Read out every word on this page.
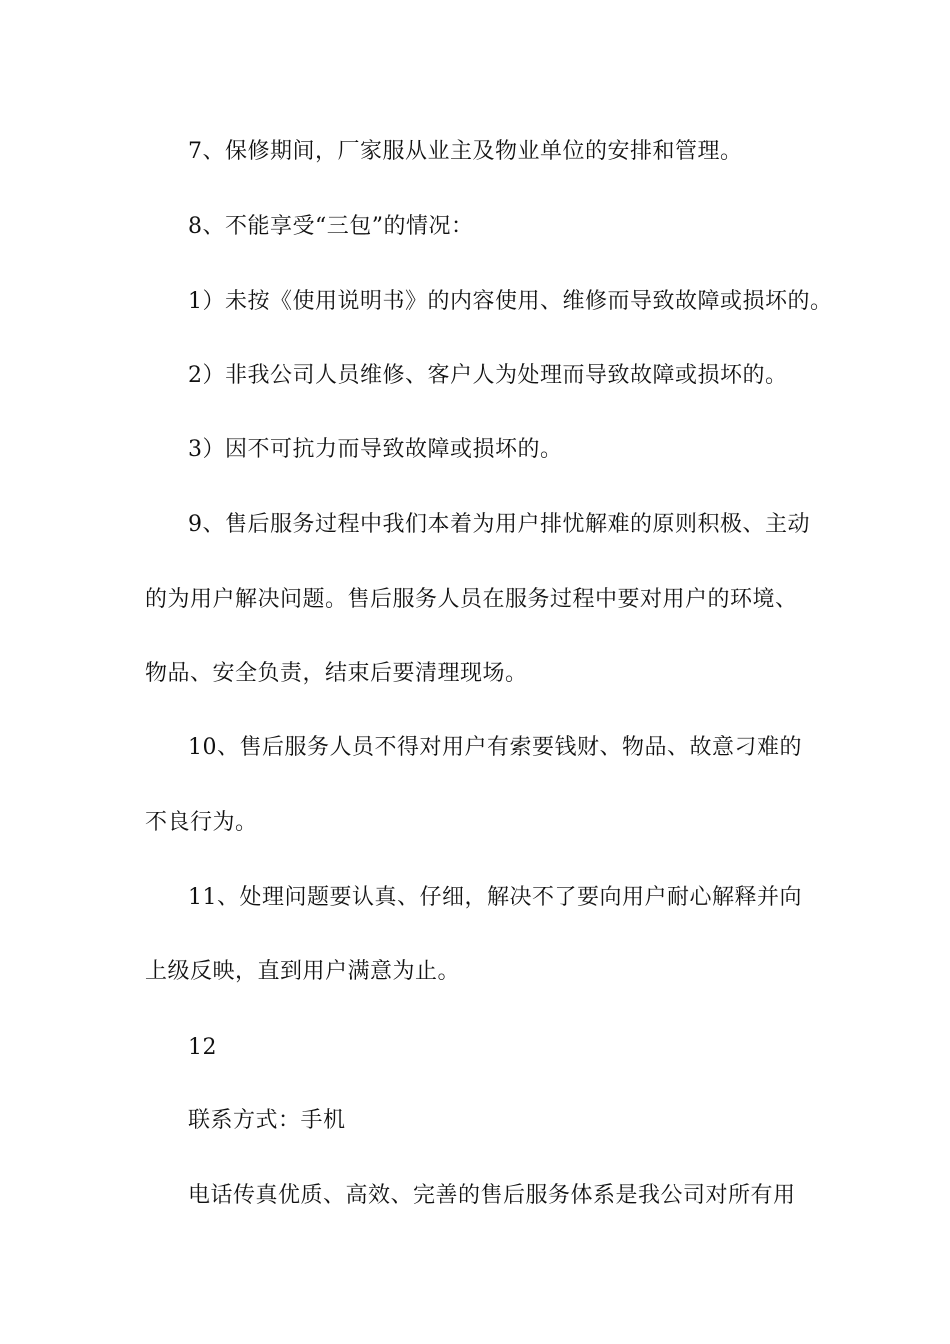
7、保修期间，厂家服从业主及物业单位的安排和管理。
8、不能享受“三包”的情况：
1）未按《使用说明书》的内容使用、维修而导致故障或损坏的。
2）非我公司人员维修、客户人为处理而导致故障或损坏的。
3）因不可抗力而导致故障或损坏的。
9、售后服务过程中我们本着为用户排忧解难的原则积极、主动
的为用户解决问题。售后服务人员在服务过程中要对用户的环境、
物品、安全负责，结束后要清理现场。
10、售后服务人员不得对用户有索要钱财、物品、故意刁难的
不良行为。
11、处理问题要认真、仔细，解决不了要向用户耐心解释并向
上级反映，直到用户满意为止。
12
联系方式：手机
电话传真优质、高效、完善的售后服务体系是我公司对所有用
